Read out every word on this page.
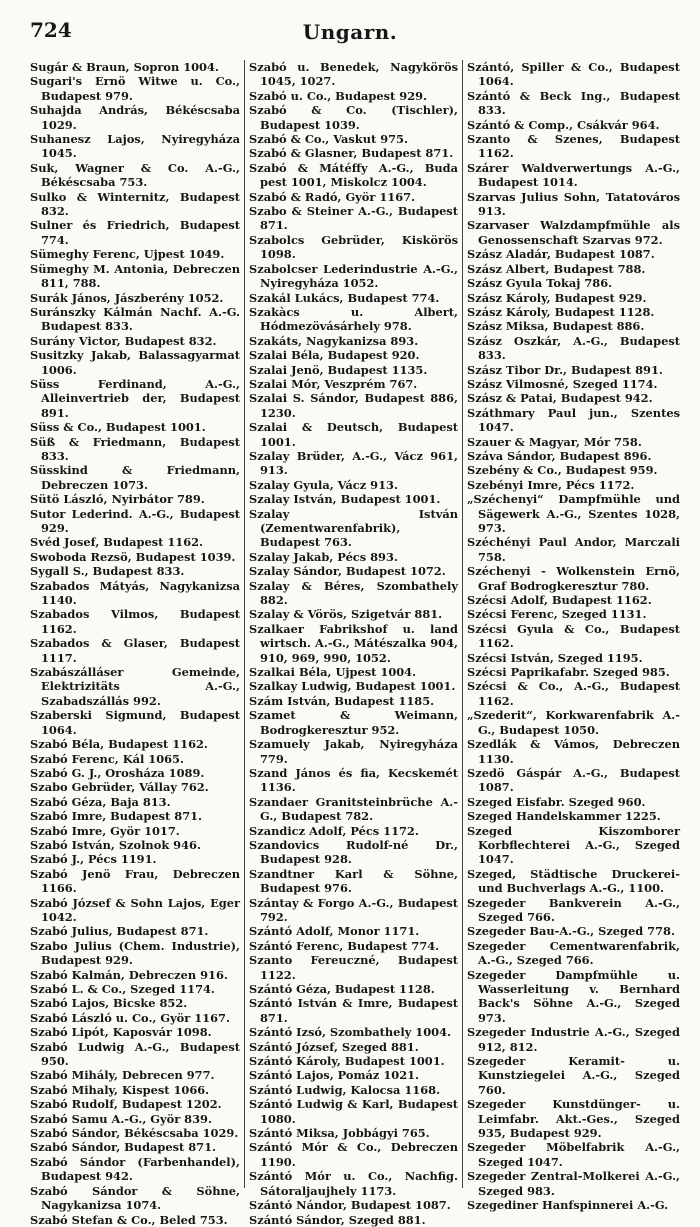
724	Ungarn.
Sugár & Braun, Sopron 1004.
Sugari's Ernö Witwe u. Co., Budapest 979.
Suhajda András, Békéscsaba 1029.
Suhanesz Lajos, Nyiregyháza 1045.
Suk, Wagner & Co. A.-G., Békéscsaba 753.
Sulko & Winternitz, Budapest 832.
Sulner és Friedrich, Budapest 774.
Sümeghy Ferenc, Ujpest 1049.
Sümeghy M. Antonia, Debreczen 811, 788.
Surák János, Jászberény 1052.
Suránszky Kálmán Nachf. A.-G. Budapest 833.
Surány Victor, Budapest 832.
Susitzky Jakab, Balassagyarmat 1006.
Süss Ferdinand, A.-G., Alleinvertrieb der, Budapest 891.
Süss & Co., Budapest 1001.
Süß & Friedmann, Budapest 833.
Süsskind & Friedmann, Debreczen 1073.
Sütö László, Nyirbátor 789.
Sutor Lederind. A.-G., Budapest 929.
Svéd Josef, Budapest 1162.
Swoboda Rezsö, Budapest 1039.
Sygall S., Budapest 833.
Szabados Mátyás, Nagykanizsa 1140.
Szabados Vilmos, Budapest 1162.
Szabados & Glaser, Budapest 1117.
Szabászálláser Gemeinde, Elektrizitäts A.-G., Szabadszállás 992.
Szaberski Sigmund, Budapest 1064.
Szabó Béla, Budapest 1162.
Szabó Ferenc, Kál 1065.
Szabó G. J., Orosháza 1089.
Szabo Gebrüder, Vállay 762.
Szabó Géza, Baja 813.
Szabó Imre, Budapest 871.
Szabó Imre, Györ 1017.
Szabó István, Szolnok 946.
Szabó J., Pécs 1191.
Szabó Jenö Frau, Debreczen 1166.
Szabó József & Sohn Lajos, Eger 1042.
Szabó Julius, Budapest 871.
Szabo Julius (Chem. Industrie), Budapest 929.
Szabó Kalmán, Debreczen 916.
Szabó L. & Co., Szeged 1174.
Szabó Lajos, Bicske 852.
Szabó László u. Co., Györ 1167.
Szabó Lipót, Kaposvár 1098.
Szabó Ludwig A.-G., Budapest 950.
Szabó Mihály, Debrecen 977.
Szabó Mihaly, Kispest 1066.
Szabó Rudolf, Budapest 1202.
Szabó Samu A.-G., Györ 839.
Szabó Sándor, Békéscsaba 1029.
Szabó Sándor, Budapest 871.
Szabó Sándor (Farbenhandel), Budapest 942.
Szabó Sándor & Söhne, Nagykanizsa 1074.
Szabó Stefan & Co., Beled 753.
Szabó u. Benedek, Nagykörös 1045, 1027.
Szabó u. Co., Budapest 929.
Szabó & Co. (Tischler), Budapest 1039.
Szabó & Co., Vaskut 975.
Szabó & Glasner, Budapest 871.
Szabó & Mátéffy A.-G., Buda pest 1001, Miskolcz 1004.
Szabó & Radó, Györ 1167.
Szabo & Steiner A.-G., Budapest 871.
Szabolcs Gebrüder, Kiskörös 1098.
Szabolcser Lederindustrie A.-G., Nyiregyháza 1052.
Szakál Lukács, Budapest 774.
Szakàcs u. Albert, Hódmezövásárhely 978.
Szakáts, Nagykanizsa 893.
Szalai Béla, Budapest 920.
Szalai Jenö, Budapest 1135.
Szalai Mór, Veszprém 767.
Szalai S. Sándor, Budapest 886, 1230.
Szalai & Deutsch, Budapest 1001.
Szalay Brüder, A.-G., Vácz 961, 913.
Szalay Gyula, Vácz 913.
Szalay István, Budapest 1001.
Szalay István (Zementwarenfabrik), Budapest 763.
Szalay Jakab, Pécs 893.
Szalay Sándor, Budapest 1072.
Szalay & Béres, Szombathely 882.
Szalay & Vörös, Szigetvár 881.
Szalkaer Fabrikshof u. land wirtsch. A.-G., Mátészalka 904, 910, 969, 990, 1052.
Szalkai Béla, Ujpest 1004.
Szalkay Ludwig, Budapest 1001.
Szám István, Budapest 1185.
Szamet & Weimann, Bodrogkeresztur 952.
Szamuely Jakab, Nyiregyháza 779.
Szand János és fia, Kecskemét 1136.
Szandaer Granitsteinbrüche A.-G., Budapest 782.
Szandicz Adolf, Pécs 1172.
Szandovics Rudolf-né Dr., Budapest 928.
Szandtner Karl & Söhne, Budapest 976.
Szántay & Forgo A.-G., Budapest 792.
Szántó Adolf, Monor 1171.
Szántó Ferenc, Budapest 774.
Szanto Fereuczné, Budapest 1122.
Szántó Géza, Budapest 1128.
Szántó István & Imre, Budapest 871.
Szántó Izsó, Szombathely 1004.
Szántó József, Szeged 881.
Szántó Károly, Budapest 1001.
Szántó Lajos, Pomáz 1021.
Szántó Ludwig, Kalocsa 1168.
Szántó Ludwig & Karl, Budapest 1080.
Szántó Miksa, Jobbágyi 765.
Szántó Mór & Co., Debreczen 1190.
Szántó Mór u. Co., Nachfig. Sátoraljaujhely 1173.
Szántó Nándor, Budapest 1087.
Szántó Sándor, Szeged 881.
Szántó, Spiller & Co., Budapest 1064.
Szántó & Beck Ing., Budapest 833.
Szántó & Comp., Csákvár 964.
Szanto & Szenes, Budapest 1162.
Szárer Waldverwertungs A.-G., Budapest 1014.
Szarvas Julius Sohn, Tatatováros 913.
Szarvaser Walzdampfmühle als Genossenschaft Szarvas 972.
Szász Aladár, Budapest 1087.
Szász Albert, Budapest 788.
Szász Gyula Tokaj 786.
Szász Károly, Budapest 929.
Szász Károly, Budapest 1128.
Szász Miksa, Budapest 886.
Szász Oszkár, A.-G., Budapest 833.
Szász Tibor Dr., Budapest 891.
Szász Vilmosné, Szeged 1174.
Szász & Patai, Budapest 942.
Száthmary Paul jun., Szentes 1047.
Szauer & Magyar, Mór 758.
Száva Sándor, Budapest 896.
Szebény & Co., Budapest 959.
Szebényi Imre, Pécs 1172.
„Széchenyi“ Dampfmühle und Sägewerk A.-G., Szentes 1028, 973.
Széchényi Paul Andor, Marczali 758.
Széchenyi - Wolkenstein Ernö, Graf Bodrogkeresztur 780.
Szécsi Adolf, Budapest 1162.
Szécsi Ferenc, Szeged 1131.
Szécsi Gyula & Co., Budapest 1162.
Szécsi István, Szeged 1195.
Szécsi Paprikafabr. Szeged 985.
Szécsi & Co., A.-G., Budapest 1162.
„Szederit“, Korkwarenfabrik A.-G., Budapest 1050.
Szedlák & Vámos, Debreczen 1130.
Szedö Gáspár A.-G., Budapest 1087.
Szeged Eisfabr. Szeged 960.
Szeged Handelskammer 1225.
Szeged Kiszomborer Korbflechterei A.-G., Szeged 1047.
Szeged, Städtische Druckerei- und Buchverlags A.-G., 1100.
Szegeder Bankverein A.-G., Szeged 766.
Szegeder Bau-A.-G., Szeged 778.
Szegeder Cementwarenfabrik, A.-G., Szeged 766.
Szegeder Dampfmühle u. Wasserleitung v. Bernhard Back's Söhne A.-G., Szeged 973.
Szegeder Industrie A.-G., Szeged 912, 812.
Szegeder Keramit- u. Kunstziegelei A.-G., Szeged 760.
Szegeder Kunstdünger- u. Leimfabr. Akt.-Ges., Szeged 935, Budapest 929.
Szegeder Möbelfabrik A.-G., Szeged 1047.
Szegeder Zentral-Molkerei A.-G., Szeged 983.
Szegediner Hanfspinnerei A.-G.
